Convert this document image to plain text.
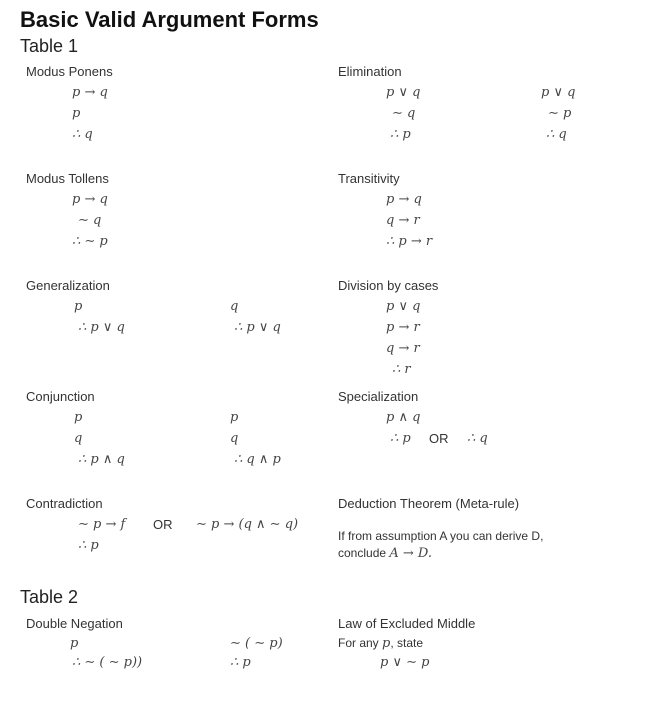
Basic Valid Argument Forms
Table 1
Modus Ponens
p → q
p
∴ q
Elimination
p ∨ q
∼ q
∴ p
p ∨ q
∼ p
∴ q
Modus Tollens
p → q
∼ q
∴ ∼ p
Transitivity
p → q
q → r
∴ p → r
Generalization
p
∴ p ∨ q
q
∴ p ∨ q
Division by cases
p ∨ q
p → r
q → r
∴ r
Conjunction
p
q
∴ p ∧ q
p
q
∴ q ∧ p
Specialization
p ∧ q
∴ p OR ∴ q
Contradiction
∼ p → f OR ∼ p → (q ∧ ∼ q)
∴ p
Deduction Theorem (Meta-rule)
If from assumption A you can derive D,
conclude A → D.
Table 2
Double Negation
p
∴ ∼ ( ∼ p))
∼ ( ∼ p)
∴ p
Law of Excluded Middle
For any p, state
p ∨ ∼ p
